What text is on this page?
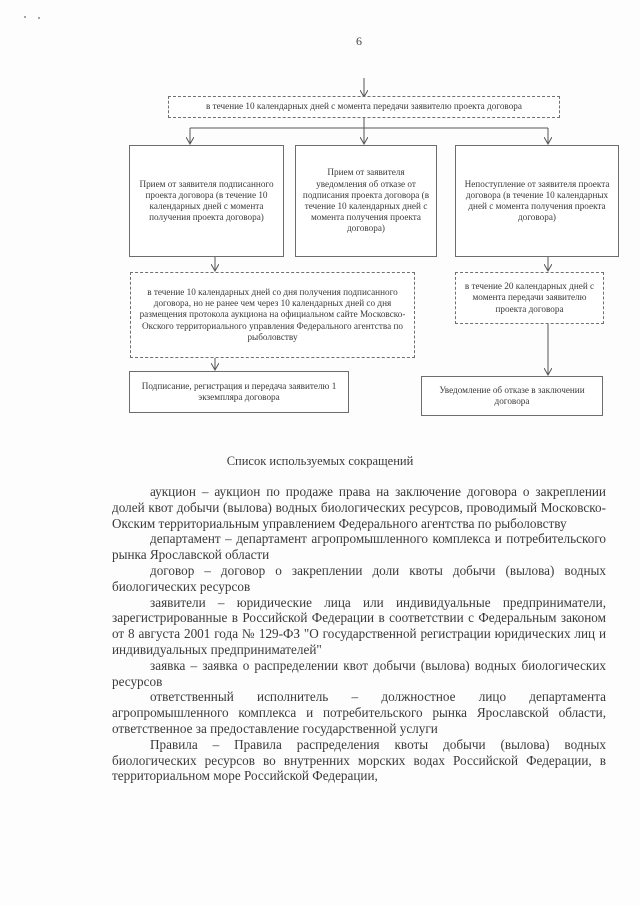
6
в течение 10 календарных дней с момента передачи заявителю проекта договора
Прием от заявителя подписанного проекта договора (в течение 10 календарных дней с момента получения проекта договора)
Прием от заявителя уведомления об отказе от подписания проекта договора (в течение 10 календарных дней с момента получения проекта договора)
Непоступление от заявителя проекта договора (в течение 10 календарных дней с момента получения проекта договора)
в течение 10 календарных дней со дня получения подписанного договора, но не ранее чем через 10 календарных дней со дня размещения протокола аукциона на официальном сайте Московско-Окского территориального управления Федерального агентства по рыболовству
в течение 20 календарных дней с момента передачи заявителю проекта договора
Подписание, регистрация и передача заявителю 1 экземпляра договора
Уведомление об отказе в заключении договора
Список используемых сокращений

аукцион – аукцион по продаже права на заключение договора о закреплении долей квот добычи (вылова) водных биологических ресурсов, проводимый Московско-Окским территориальным управлением Федерального агентства по рыболовству

департамент – департамент агропромышленного комплекса и потребительского рынка Ярославской области

договор – договор о закреплении доли квоты добычи (вылова) водных биологических ресурсов

заявители – юридические лица или индивидуальные предприниматели, зарегистрированные в Российской Федерации в соответствии с Федеральным законом от 8 августа 2001 года № 129-ФЗ "О государственной регистрации юридических лиц и индивидуальных предпринимателей"

заявка – заявка о распределении квот добычи (вылова) водных биологических ресурсов

ответственный исполнитель – должностное лицо департамента агропромышленного комплекса и потребительского рынка Ярославской области, ответственное за предоставление государственной услуги

Правила – Правила распределения квоты добычи (вылова) водных биологических ресурсов во внутренних морских водах Российской Федерации, в территориальном море Российской Федерации,
